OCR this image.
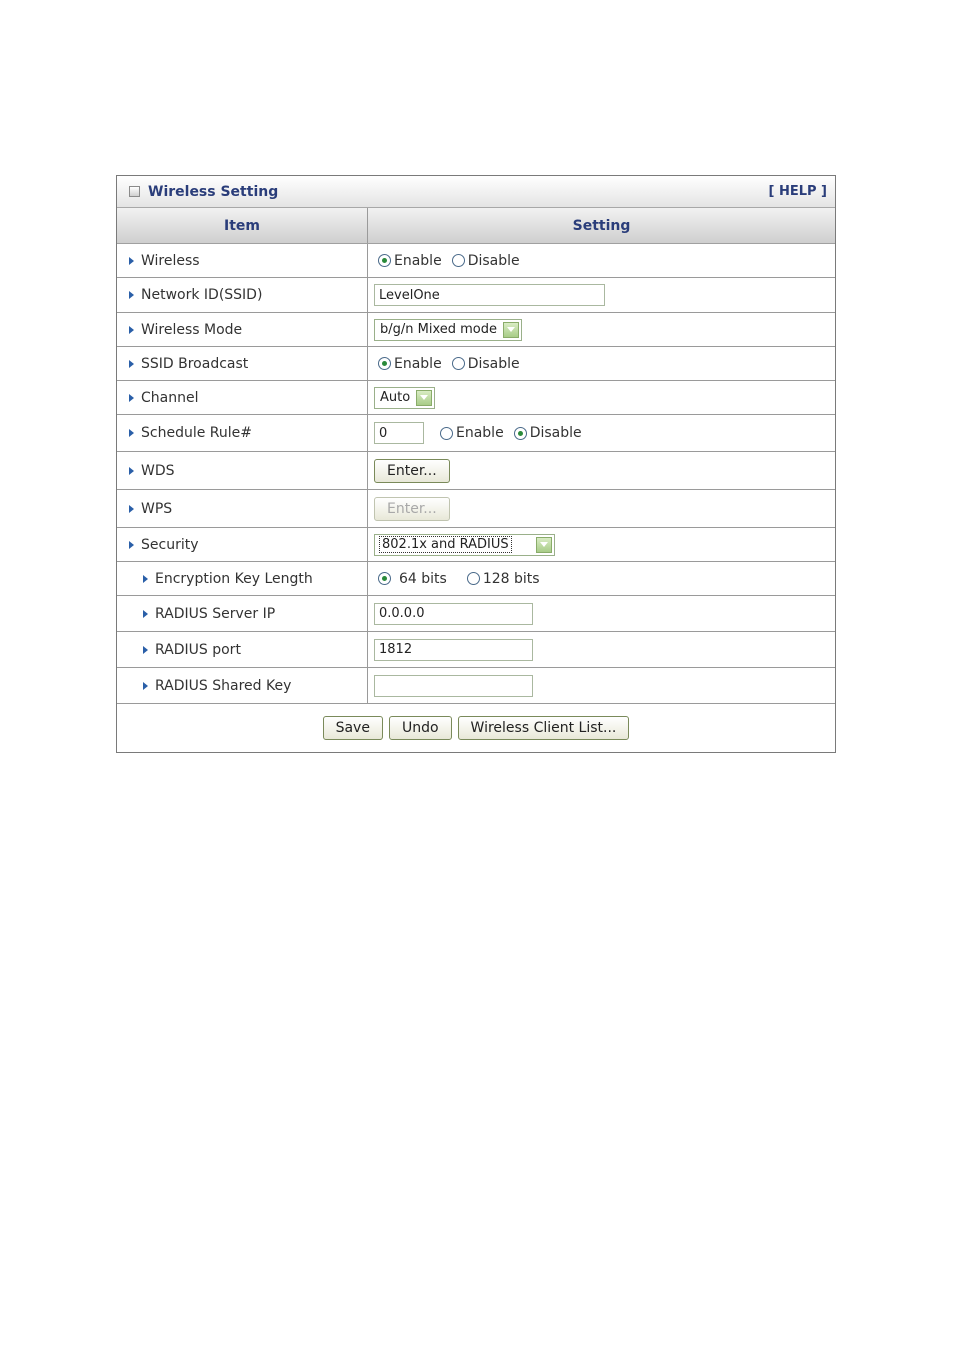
Wireless Setting	[ HELP ]
Item	Setting
Wireless	Enable Disable
Network ID(SSID)	LevelOne
Wireless Mode	b/g/n Mixed mode
SSID Broadcast	Enable Disable
Channel	Auto
Schedule Rule#	0	Enable Disable
WDS	Enter...
WPS	Enter...
Security	802.1x and RADIUS
Encryption Key Length	64 bits	128 bits
RADIUS Server IP	0.0.0.0
RADIUS port	1812
RADIUS Shared Key
Save	Undo	Wireless Client List...
